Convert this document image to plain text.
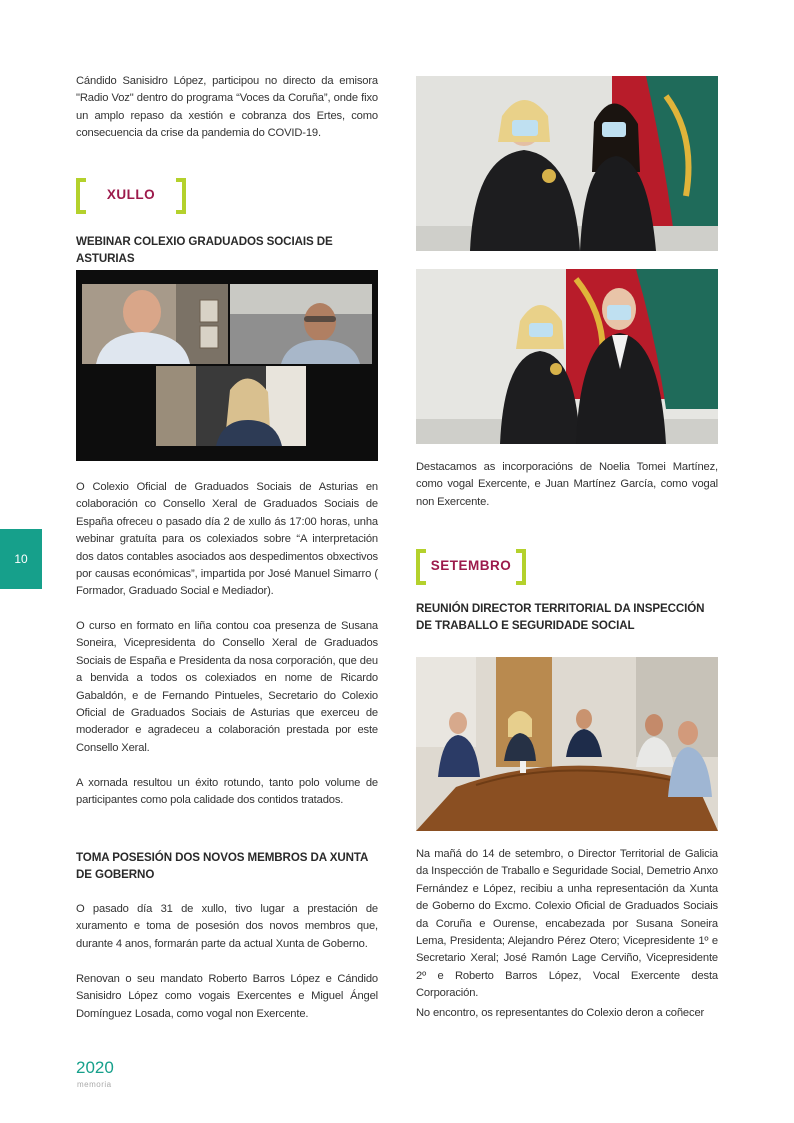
Cándido Sanisidro López, participou no directo da emisora "Radio Voz" dentro do programa “Voces da Coruña”, onde fixo un amplo repaso da xestión e cobranza dos Ertes, como consecuencia da crise da pandemia do COVID-19.

XULLO
WEBINAR COLEXIO GRADUADOS SOCIAIS DE ASTURIAS

O Colexio Oficial de Graduados Sociais de Asturias en colaboración co Consello Xeral de Graduados Sociais de España ofreceu o pasado día 2 de xullo ás 17:00 horas, unha webinar gratuíta para os colexiados sobre “A interpretación dos datos contables asociados aos despedimentos obxectivos por causas económicas”, impartida por José Manuel Simarro ( Formador, Graduado Social e Mediador).

O curso en formato en liña contou coa presenza de Susana Soneira, Vicepresidenta do Consello Xeral de Graduados Sociais de España e Presidenta da nosa corporación, que deu a benvida a todos os colexiados en nome de Ricardo Gabaldón, e de Fernando Pintueles, Secretario do Colexio Oficial de Graduados Sociais de Asturias que exerceu de moderador e agradeceu a colaboración prestada por este Consello Xeral.

A xornada resultou un éxito rotundo, tanto polo volume de participantes como pola calidade dos contidos tratados.

TOMA POSESIÓN DOS NOVOS MEMBROS DA XUNTA DE GOBERNO

O pasado día 31 de xullo, tivo lugar a prestación de xuramento e toma de posesión dos novos membros que, durante 4 anos, formarán parte da actual Xunta de Goberno.

Renovan o seu mandato Roberto Barros López e Cándido Sanisidro López como vogais Exercentes e Miguel Ángel Domínguez Losada, como vogal non Exercente.

Destacamos as incorporacións de Noelia Tomei Martínez, como vogal Exercente, e Juan Martínez García, como vogal non Exercente.

SETEMBRO
REUNIÓN DIRECTOR TERRITORIAL DA INSPECCIÓN DE TRABALLO E SEGURIDADE SOCIAL

Na mañá do 14 de setembro, o Director Territorial de Galicia da Inspección de Traballo e Seguridade Social, Demetrio Anxo Fernández e López, recibiu a unha representación da Xunta de Goberno do Excmo. Colexio Oficial de Graduados Sociais da Coruña e Ourense, encabezada por Susana Soneira Lema, Presidenta; Alejandro Pérez Otero; Vicepresidente 1º e Secretario Xeral; José Ramón Lage Cerviño, Vicepresidente 2º e Roberto Barros López, Vocal Exercente desta Corporación.

No encontro, os representantes do Colexio deron a coñecer

10
2020
memoria
